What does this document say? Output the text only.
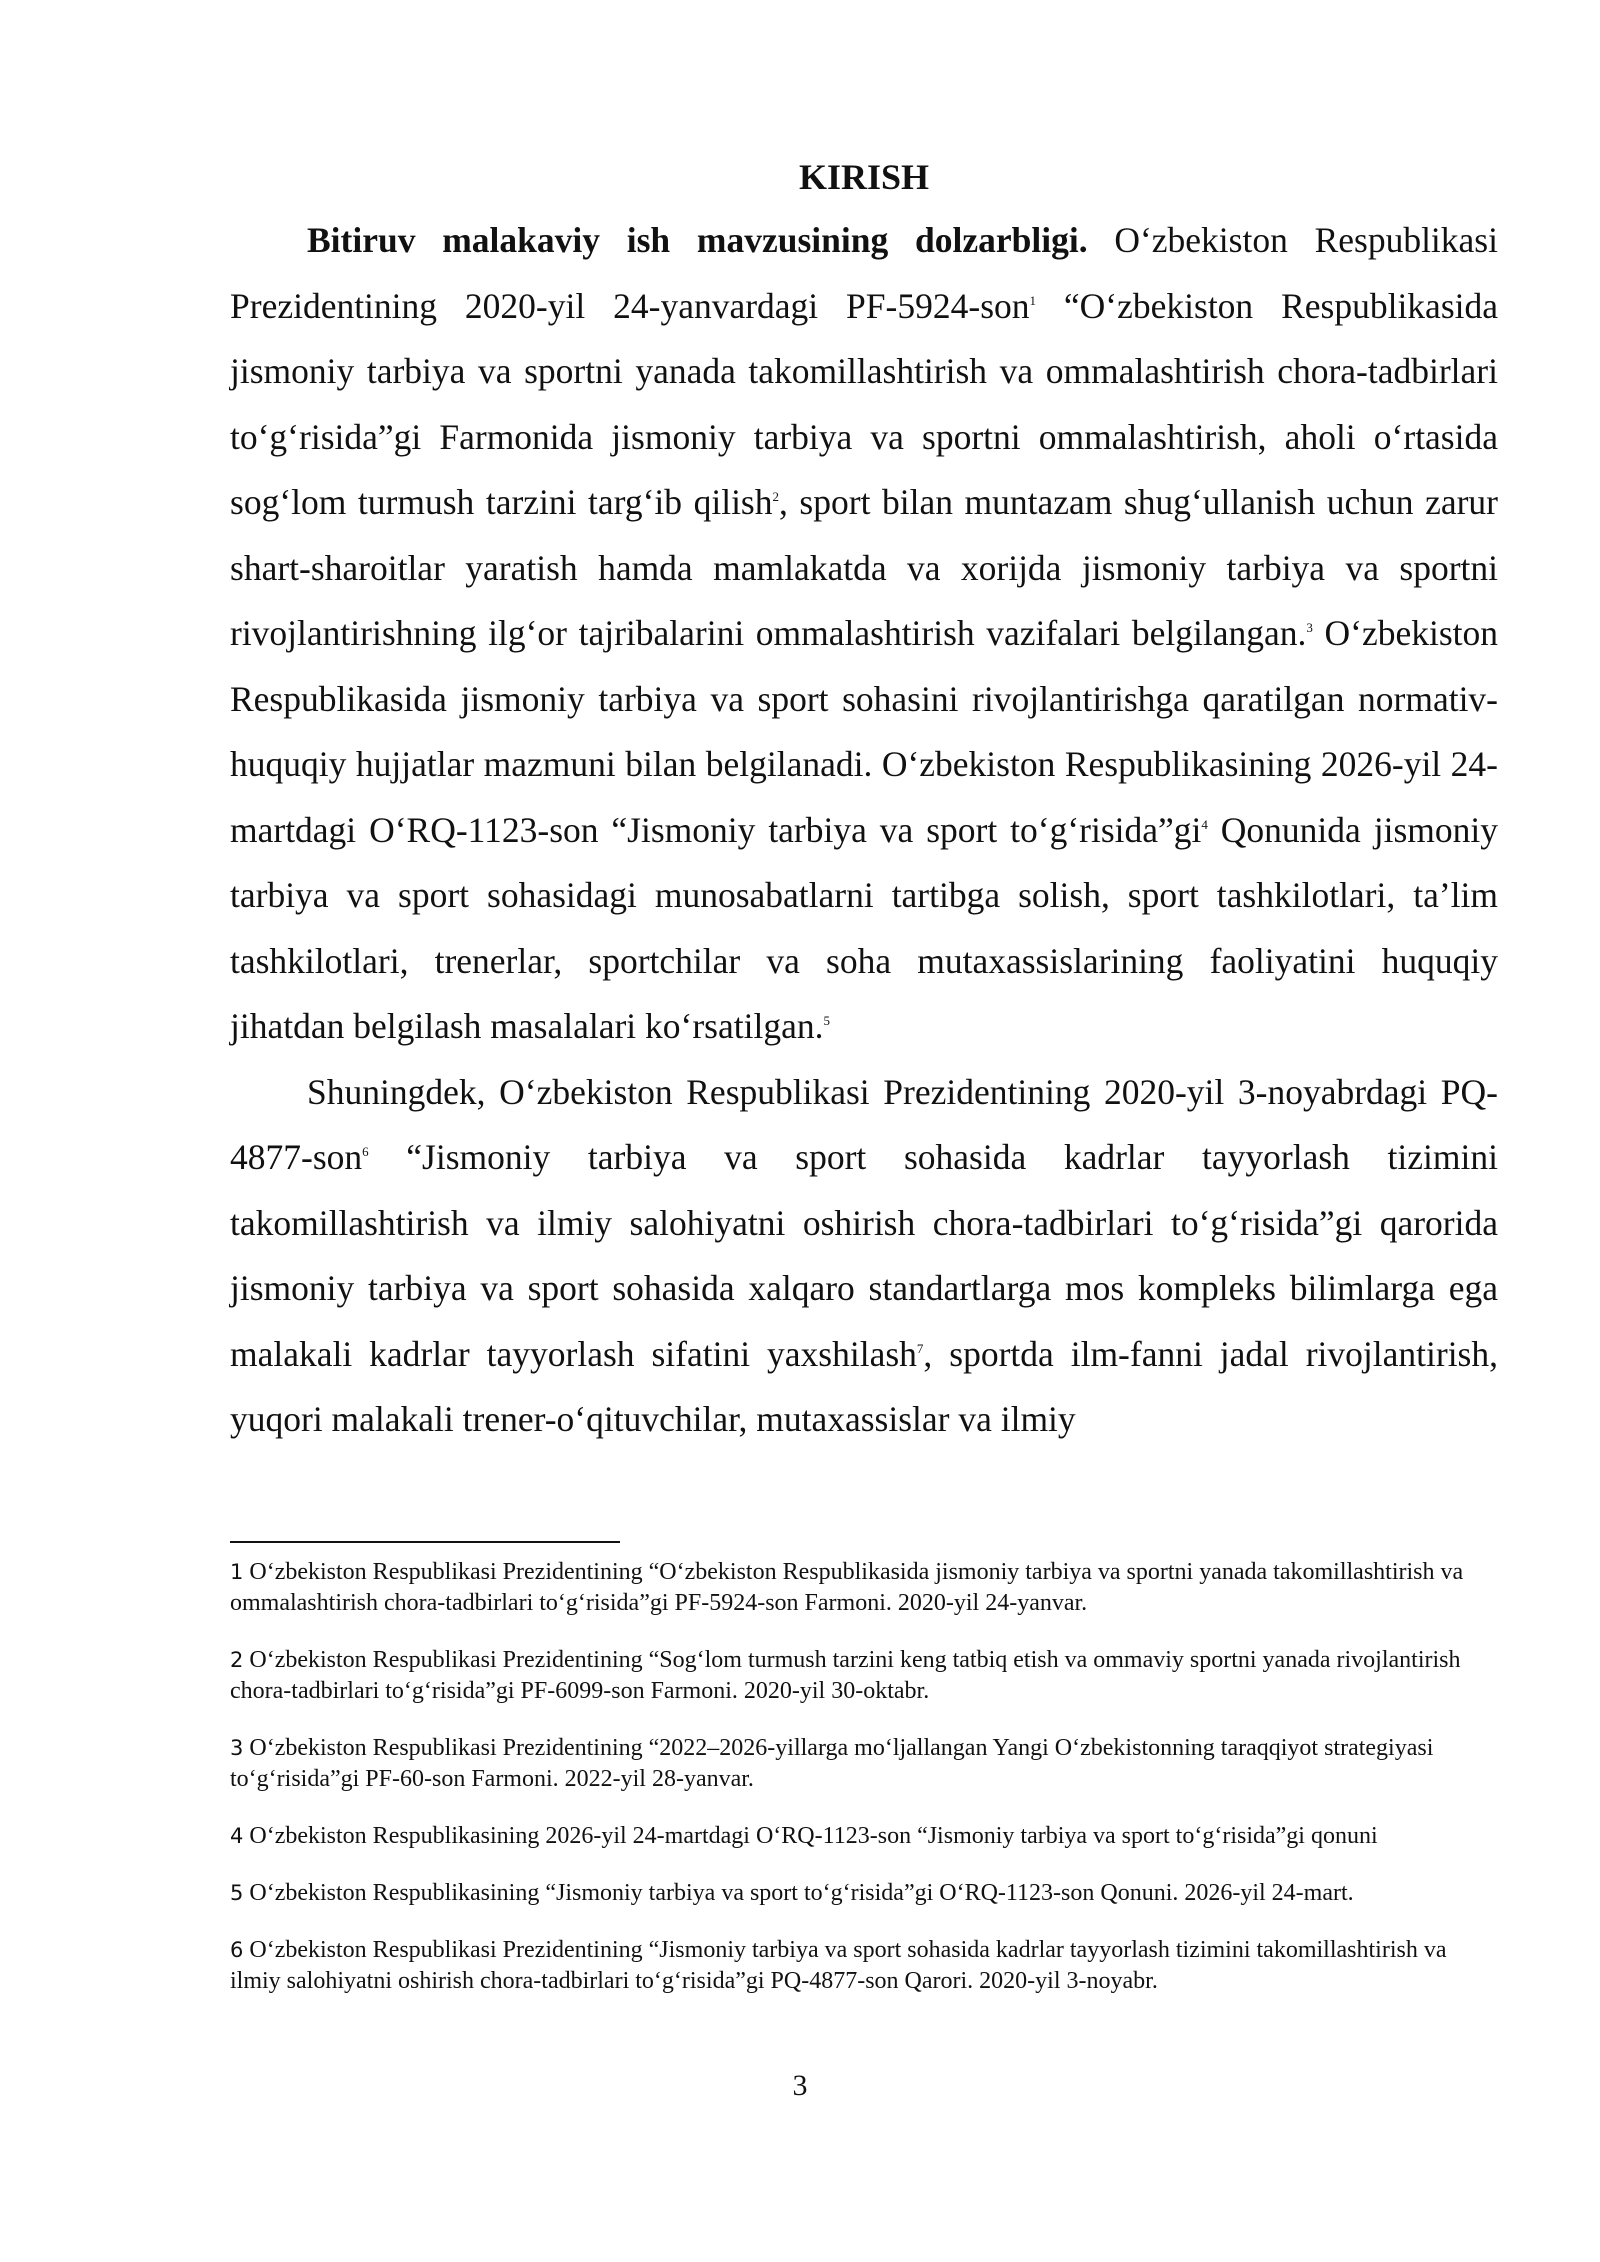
KIRISH

Bitiruv malakaviy ish mavzusining dolzarbligi. O‘zbekiston Respublikasi Prezidentining 2020-yil 24-yanvardagi PF-5924-son$^1$ “O‘zbekiston Respublikasida jismoniy tarbiya va sportni yanada takomillashtirish va ommalashtirish chora-tadbirlari to‘g‘risida”gi Farmonida jismoniy tarbiya va sportni ommalashtirish, aholi o‘rtasida sog‘lom turmush tarzini targ‘ib qilish$^2$, sport bilan muntazam shug‘ullanish uchun zarur shart-sharoitlar yaratish hamda mamlakatda va xorijda jismoniy tarbiya va sportni rivojlantirishning ilg‘or tajribalarini ommalashtirish vazifalari belgilangan.$^3$ O‘zbekiston Respublikasida jismoniy tarbiya va sport sohasini rivojlantirishga qaratilgan normativ-huquqiy hujjatlar mazmuni bilan belgilanadi. O‘zbekiston Respublikasining 2026-yil 24-martdagi O‘RQ-1123-son “Jismoniy tarbiya va sport to‘g‘risida”gi$^4$ Qonunida jismoniy tarbiya va sport sohasidagi munosabatlarni tartibga solish, sport tashkilotlari, ta’lim tashkilotlari, trenerlar, sportchilar va soha mutaxassislarining faoliyatini huquqiy jihatdan belgilash masalalari ko‘rsatilgan.$^5$

Shuningdek, O‘zbekiston Respublikasi Prezidentining 2020-yil 3-noyabrdagi PQ-4877-son$^6$ “Jismoniy tarbiya va sport sohasida kadrlar tayyorlash tizimini takomillashtirish va ilmiy salohiyatni oshirish chora-tadbirlari to‘g‘risida”gi qarorida jismoniy tarbiya va sport sohasida xalqaro standartlarga mos kompleks bilimlarga ega malakali kadrlar tayyorlash sifatini yaxshilash$^7$, sportda ilm-fanni jadal rivojlantirish, yuqori malakali trener-o‘qituvchilar, mutaxassislar va ilmiy

1 O‘zbekiston Respublikasi Prezidentining “O‘zbekiston Respublikasida jismoniy tarbiya va sportni yanada takomillashtirish va ommalashtirish chora-tadbirlari to‘g‘risida”gi PF-5924-son Farmoni. 2020-yil 24-yanvar.

2 O‘zbekiston Respublikasi Prezidentining “Sog‘lom turmush tarzini keng tatbiq etish va ommaviy sportni yanada rivojlantirish chora-tadbirlari to‘g‘risida”gi PF-6099-son Farmoni. 2020-yil 30-oktabr.

3 O‘zbekiston Respublikasi Prezidentining “2022–2026-yillarga mo‘ljallangan Yangi O‘zbekistonning taraqqiyot strategiyasi to‘g‘risida”gi PF-60-son Farmoni. 2022-yil 28-yanvar.

4 O‘zbekiston Respublikasining 2026-yil 24-martdagi O‘RQ-1123-son “Jismoniy tarbiya va sport to‘g‘risida”gi qonuni

5 O‘zbekiston Respublikasining “Jismoniy tarbiya va sport to‘g‘risida”gi O‘RQ-1123-son Qonuni. 2026-yil 24-mart.

6 O‘zbekiston Respublikasi Prezidentining “Jismoniy tarbiya va sport sohasida kadrlar tayyorlash tizimini takomillashtirish va ilmiy salohiyatni oshirish chora-tadbirlari to‘g‘risida”gi PQ-4877-son Qarori. 2020-yil 3-noyabr.

3
